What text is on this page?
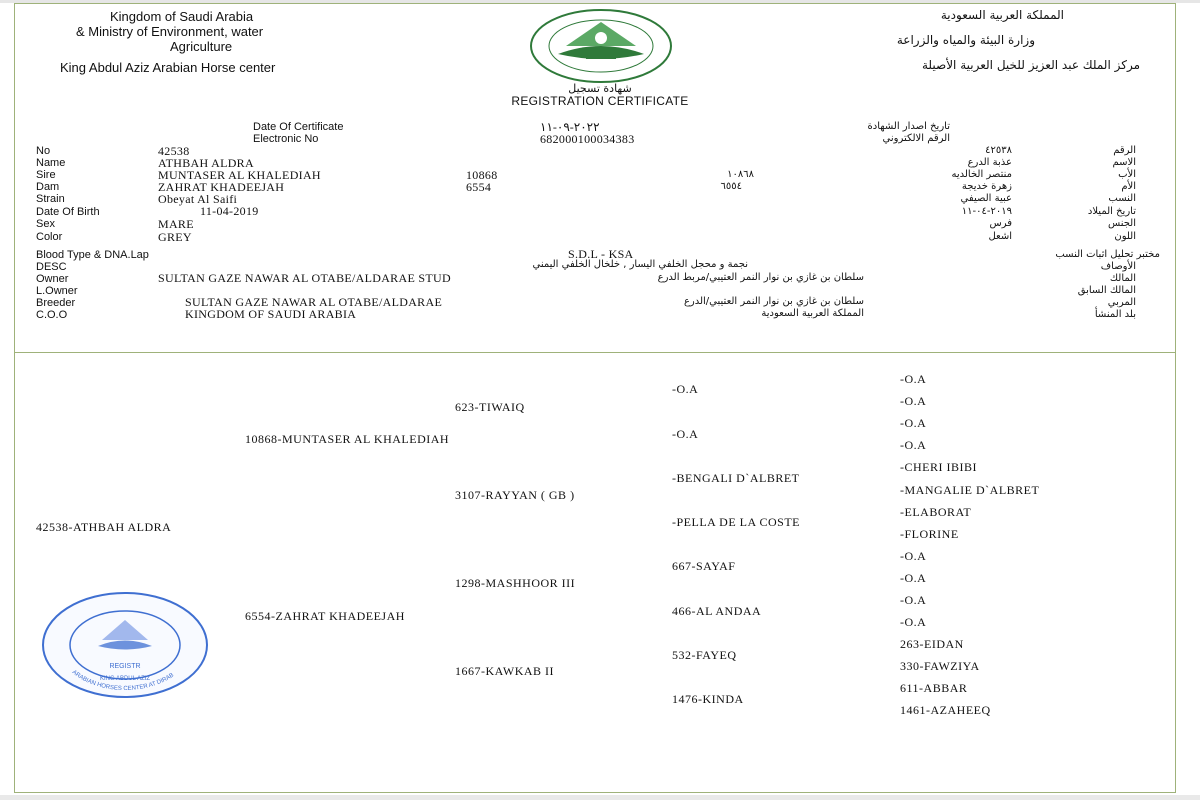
Kingdom of Saudi Arabia
& Ministry of Environment, water
Agriculture
King Abdul Aziz Arabian Horse center
المملكة العربية السعودية
وزارة البيئة والمياه والزراعة
مركز الملك عبد العزيز للخيل العربية الأصيلة
شهادة تسجيل
REGISTRATION CERTIFICATE
Date Of Certificate	٢٠٢٢-٠٩-١١	تاريخ اصدار الشهادة
Electronic No	682000100034383	الرقم الالكتروني
No	42538	٤٢٥٣٨	الرقم
Name	ATHBAH ALDRA	عذبة الدرع	الاسم
Sire	MUNTASER AL KHALEDIAH	10868	١٠٨٦٨	منتصر الخالديه	الأب
Dam	ZAHRAT KHADEEJAH	6554	٦٥٥٤	زهرة خديجة	الأم
Strain	Obeyat Al Saifi	عبية الصيفي	النسب
Date Of Birth	11-04-2019	٢٠١٩-٠٤-١١	تاريخ الميلاد
Sex	MARE	فرس	الجنس
Color	GREY	اشعل	اللون
Blood Type & DNA.Lap	S.D.L - KSA	مختبر تحليل اثبات النسب
DESC	نجمة و محجل الخلفي اليسار , خلخال الخلفي اليمني	الأوصاف
Owner	SULTAN GAZE NAWAR AL OTABE/ALDARAE STUD	سلطان بن غازي بن نوار النمر العتيبي/مربط الدرع	المالك
L.Owner	المالك السابق
Breeder	SULTAN GAZE NAWAR AL OTABE/ALDARAE	سلطان بن غازي بن نوار النمر العتيبي/الدرع	المربي
C.O.O	KINGDOM OF SAUDI ARABIA	المملكة العربية السعودية	بلد المنشأ
42538-ATHBAH ALDRA
10868-MUNTASER AL KHALEDIAH
6554-ZAHRAT KHADEEJAH
623-TIWAIQ
3107-RAYYAN ( GB )
1298-MASHHOOR III
1667-KAWKAB II
-O.A
-O.A
-BENGALI D`ALBRET
-PELLA DE LA COSTE
667-SAYAF
466-AL ANDAA
532-FAYEQ
1476-KINDA
-O.A
-O.A
-O.A
-O.A
-CHERI IBIBI
-MANGALIE D`ALBRET
-ELABORAT
-FLORINE
-O.A
-O.A
-O.A
-O.A
263-EIDAN
330-FAWZIYA
611-ABBAR
1461-AZAHEEQ
REGISTR
KING ABDUL AZIZ
ARABIAN HORSES CENTER AT DIRAB
